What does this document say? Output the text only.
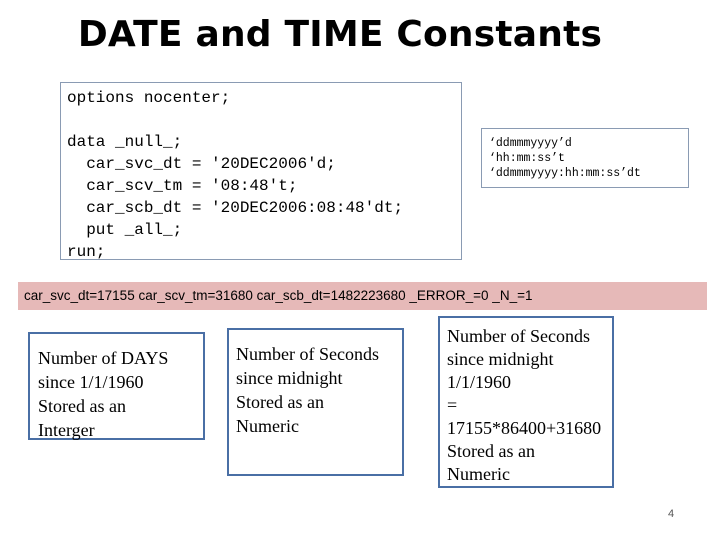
DATE and TIME Constants
options nocenter;
data _null_;
car_svc_dt = '20DEC2006'd;
car_scv_tm = '08:48't;
car_scb_dt = '20DEC2006:08:48'dt;
put _all_;
run;
‘ddmmmyyyy’d
‘hh:mm:ss’t
‘ddmmmyyyy:hh:mm:ss’dt
car_svc_dt=17155 car_scv_tm=31680 car_scb_dt=1482223680 _ERROR_=0 _N_=1
Number of DAYS
since 1/1/1960
Stored as an
Interger
Number of Seconds
since midnight
Stored as an
Numeric
Number of Seconds
since midnight
1/1/1960
=
17155*86400+31680
Stored as an
Numeric
4
